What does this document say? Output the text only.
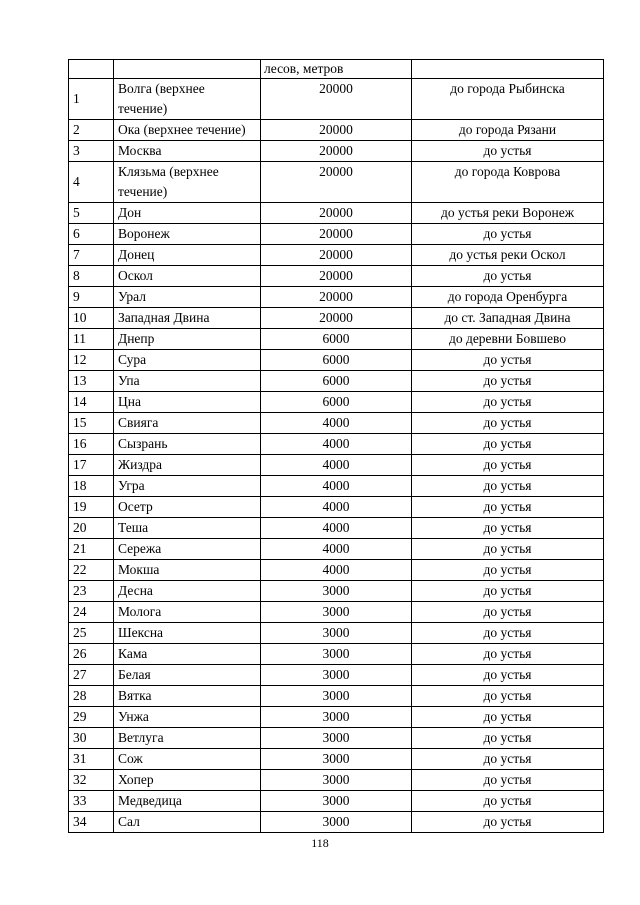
		лесов, метров	
1	Волга (верхнее течение)	20000	до города Рыбинска
2	Ока (верхнее течение)	20000	до города Рязани
3	Москва	20000	до устья
4	Клязьма (верхнее течение)	20000	до города Коврова
5	Дон	20000	до устья реки Воронеж
6	Воронеж	20000	до устья
7	Донец	20000	до устья реки Оскол
8	Оскол	20000	до устья
9	Урал	20000	до города Оренбурга
10	Западная Двина	20000	до ст. Западная Двина
11	Днепр	6000	до деревни Бовшево
12	Сура	6000	до устья
13	Упа	6000	до устья
14	Цна	6000	до устья
15	Свияга	4000	до устья
16	Сызрань	4000	до устья
17	Жиздра	4000	до устья
18	Угра	4000	до устья
19	Осетр	4000	до устья
20	Теша	4000	до устья
21	Сережа	4000	до устья
22	Мокша	4000	до устья
23	Десна	3000	до устья
24	Молога	3000	до устья
25	Шексна	3000	до устья
26	Кама	3000	до устья
27	Белая	3000	до устья
28	Вятка	3000	до устья
29	Унжа	3000	до устья
30	Ветлуга	3000	до устья
31	Сож	3000	до устья
32	Хопер	3000	до устья
33	Медведица	3000	до устья
34	Сал	3000	до устья
118
